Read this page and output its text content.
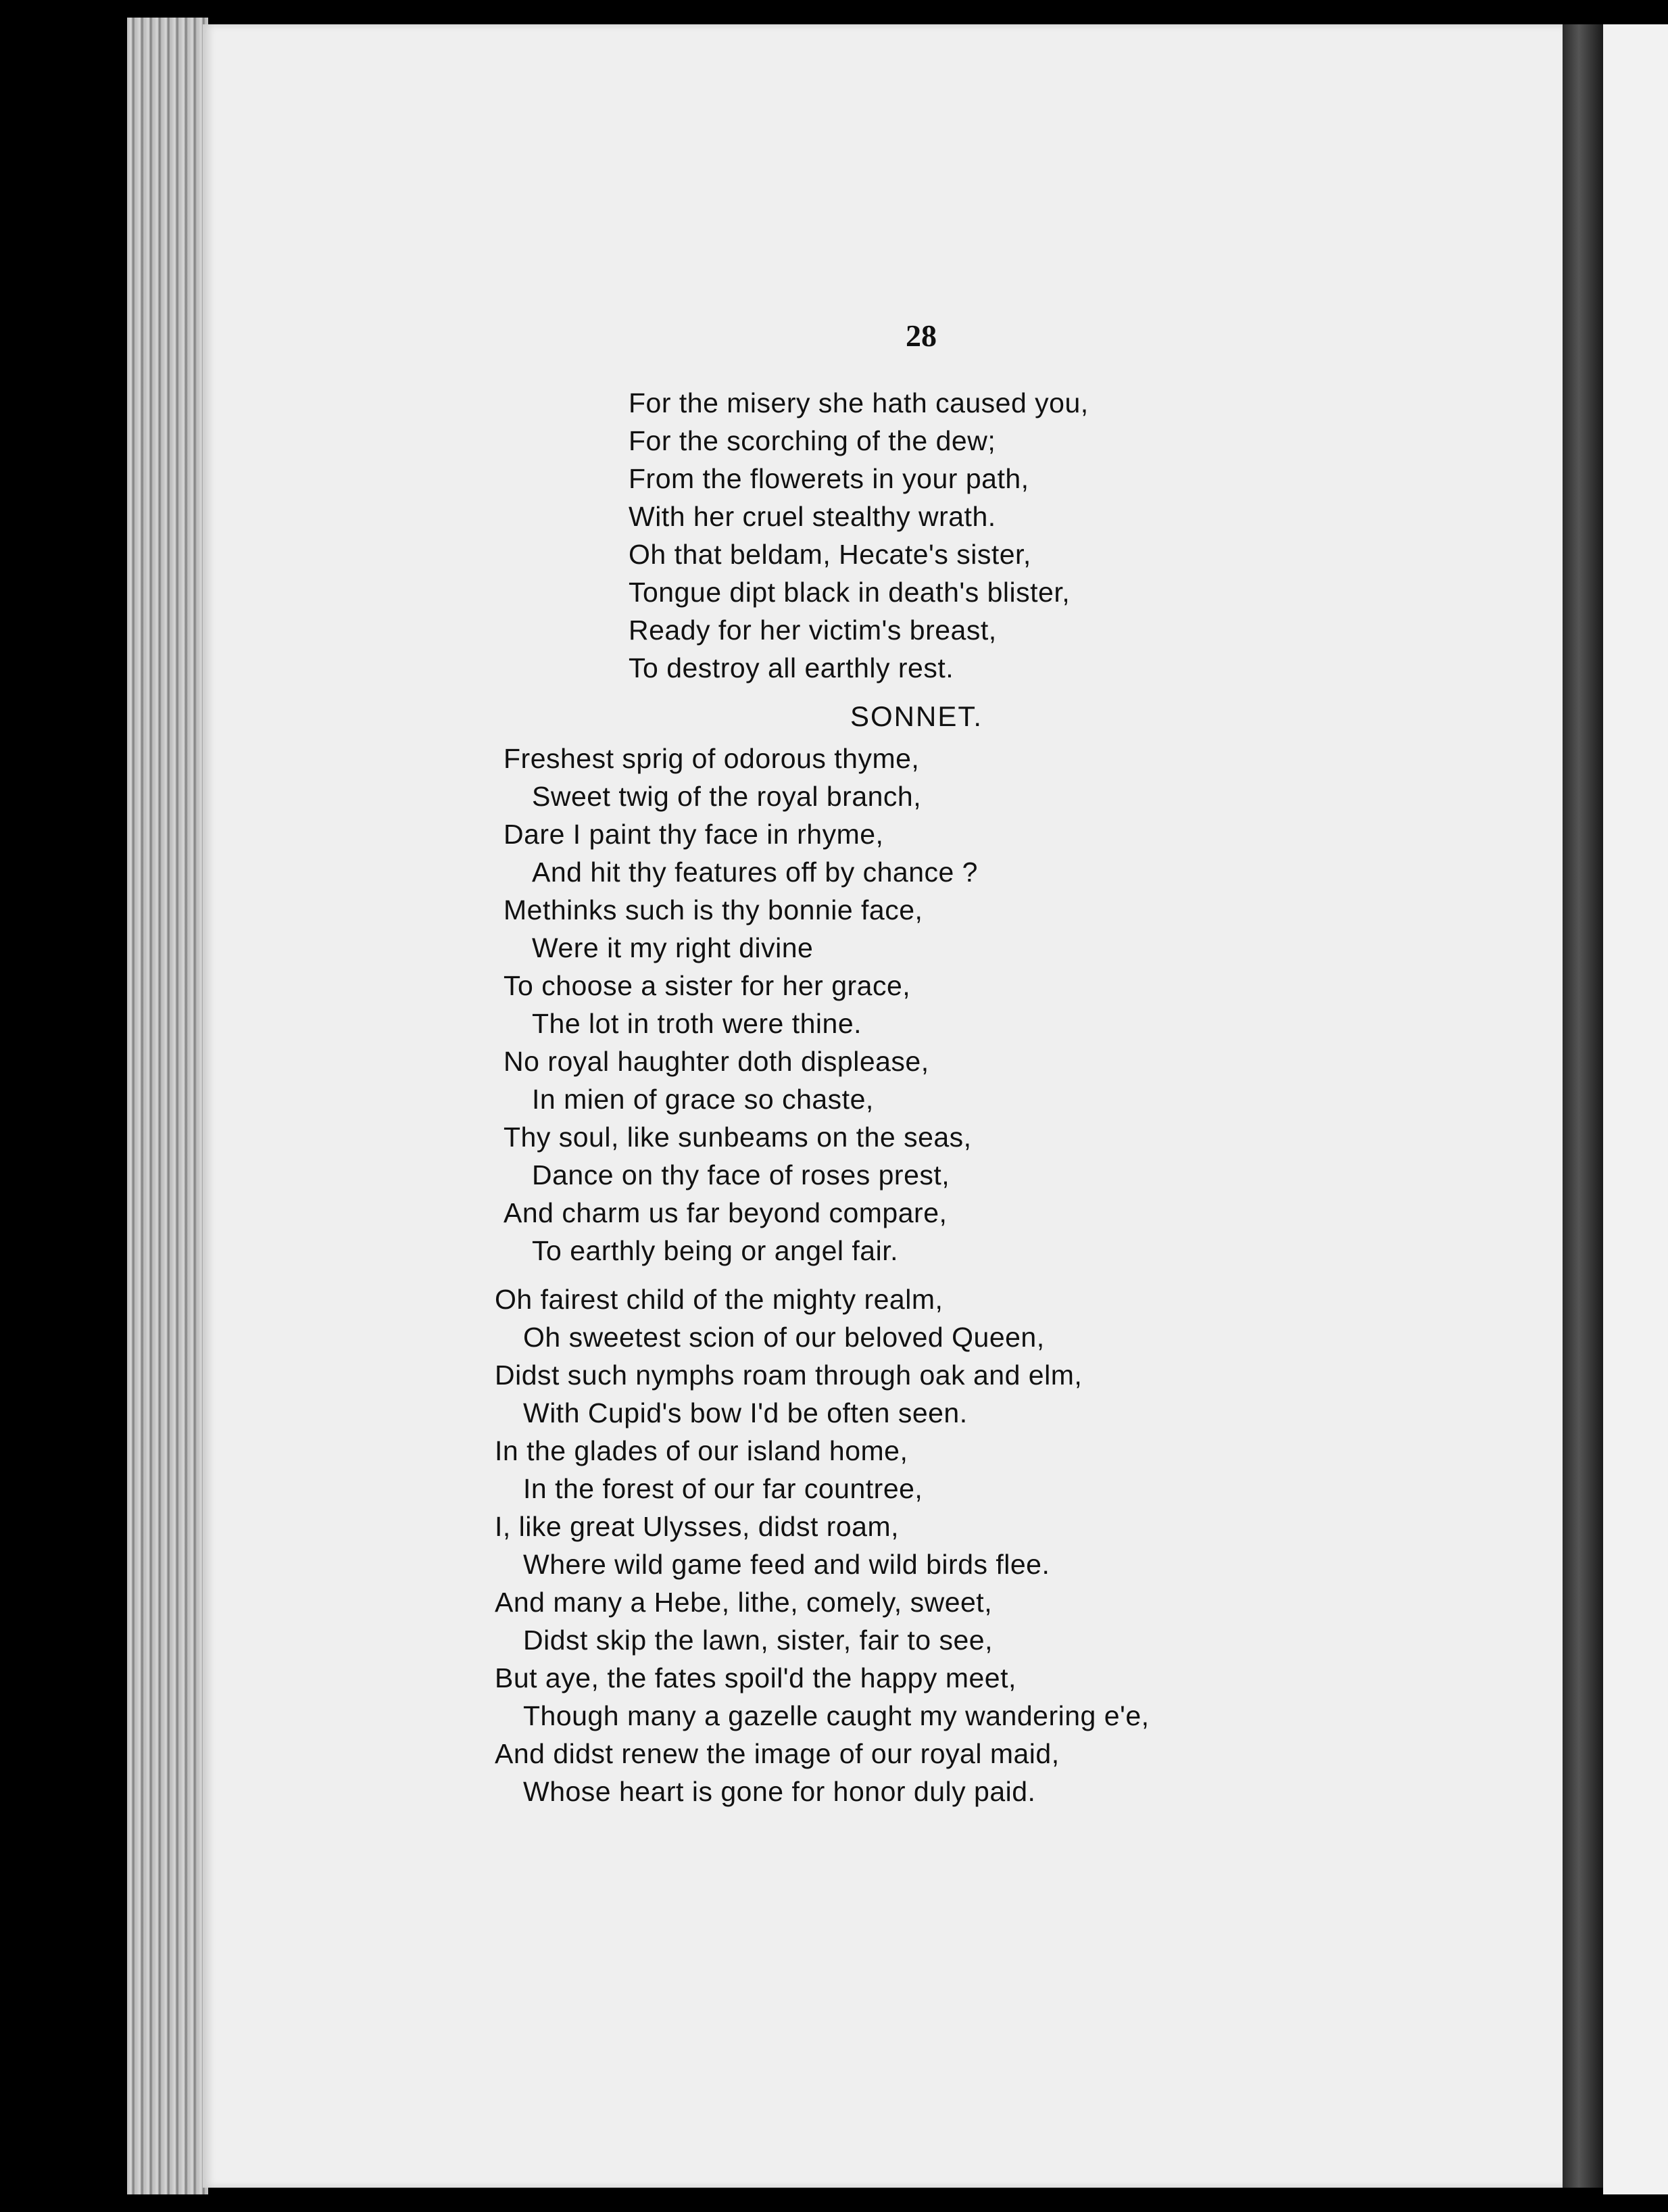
28
For the misery she hath caused you,
For the scorching of the dew;
From the flowerets in your path,
With her cruel stealthy wrath.
Oh that beldam, Hecate's sister,
Tongue dipt black in death's blister,
Ready for her victim's breast,
To destroy all earthly rest.
SONNET.
Freshest sprig of odorous thyme,
Sweet twig of the royal branch,
Dare I paint thy face in rhyme,
And hit thy features off by chance ?
Methinks such is thy bonnie face,
Were it my right divine
To choose a sister for her grace,
The lot in troth were thine.
No royal haughter doth displease,
In mien of grace so chaste,
Thy soul, like sunbeams on the seas,
Dance on thy face of roses prest,
And charm us far beyond compare,
To earthly being or angel fair.
Oh fairest child of the mighty realm,
Oh sweetest scion of our beloved Queen,
Didst such nymphs roam through oak and elm,
With Cupid's bow I'd be often seen.
In the glades of our island home,
In the forest of our far countree,
I, like great Ulysses, didst roam,
Where wild game feed and wild birds flee.
And many a Hebe, lithe, comely, sweet,
Didst skip the lawn, sister, fair to see,
But aye, the fates spoil'd the happy meet,
Though many a gazelle caught my wandering e'e,
And didst renew the image of our royal maid,
Whose heart is gone for honor duly paid.
